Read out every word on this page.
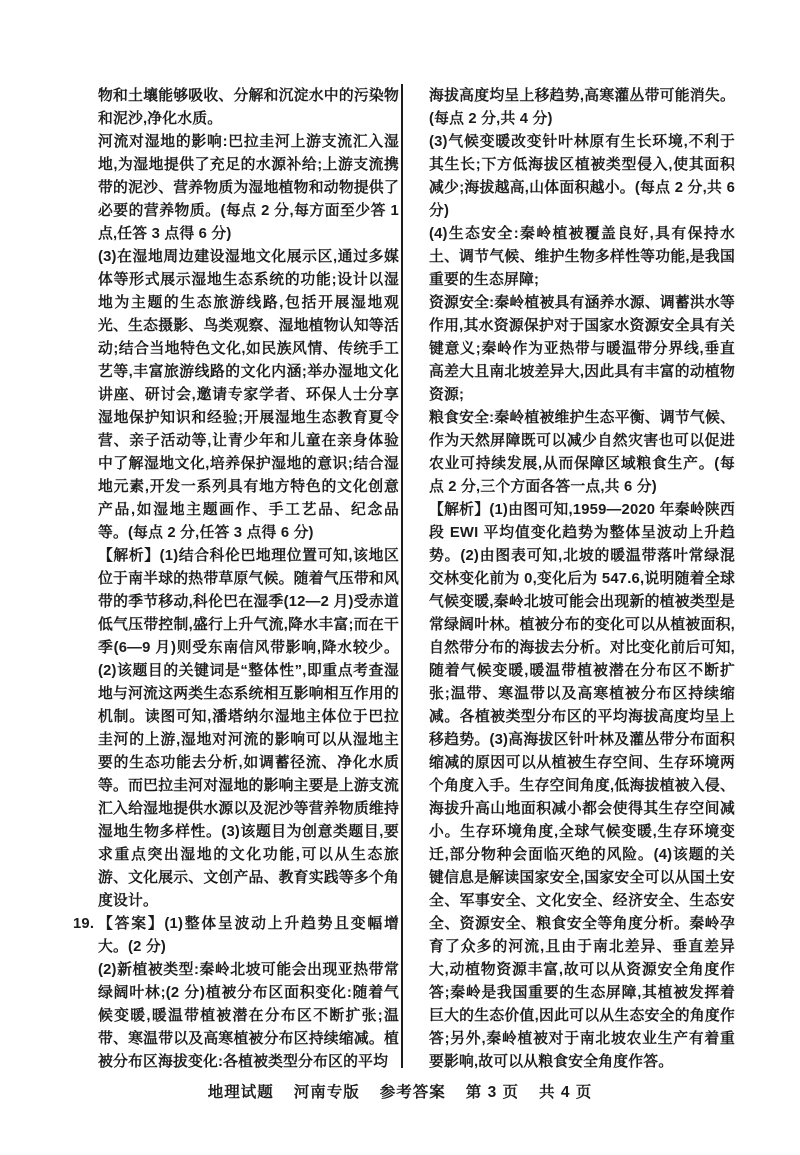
物和土壤能够吸收、分解和沉淀水中的污染物和泥沙,净化水质。

河流对湿地的影响:巴拉圭河上游支流汇入湿地,为湿地提供了充足的水源补给;上游支流携带的泥沙、营养物质为湿地植物和动物提供了必要的营养物质。(每点 2 分,每方面至少答 1 点,任答 3 点得 6 分)

(3)在湿地周边建设湿地文化展示区,通过多媒体等形式展示湿地生态系统的功能;设计以湿地为主题的生态旅游线路,包括开展湿地观光、生态摄影、鸟类观察、湿地植物认知等活动;结合当地特色文化,如民族风情、传统手工艺等,丰富旅游线路的文化内涵;举办湿地文化讲座、研讨会,邀请专家学者、环保人士分享湿地保护知识和经验;开展湿地生态教育夏令营、亲子活动等,让青少年和儿童在亲身体验中了解湿地文化,培养保护湿地的意识;结合湿地元素,开发一系列具有地方特色的文化创意产品,如湿地主题画作、手工艺品、纪念品等。(每点 2 分,任答 3 点得 6 分)

【解析】(1)结合科伦巴地理位置可知,该地区位于南半球的热带草原气候。随着气压带和风带的季节移动,科伦巴在湿季(12—2 月)受赤道低气压带控制,盛行上升气流,降水丰富;而在干季(6—9 月)则受东南信风带影响,降水较少。(2)该题目的关键词是“整体性”,即重点考查湿地与河流这两类生态系统相互影响相互作用的机制。读图可知,潘塔纳尔湿地主体位于巴拉圭河的上游,湿地对河流的影响可以从湿地主要的生态功能去分析,如调蓄径流、净化水质等。而巴拉圭河对湿地的影响主要是上游支流汇入给湿地提供水源以及泥沙等营养物质维持湿地生物多样性。(3)该题目为创意类题目,要求重点突出湿地的文化功能,可以从生态旅游、文化展示、文创产品、教育实践等多个角度设计。

19. 【答案】(1)整体呈波动上升趋势且变幅增大。(2 分)

(2)新植被类型:秦岭北坡可能会出现亚热带常绿阔叶林;(2 分)植被分布区面积变化:随着气候变暖,暖温带植被潜在分布区不断扩张;温带、寒温带以及高寒植被分布区持续缩减。植被分布区海拔变化:各植被类型分布区的平均

海拔高度均呈上移趋势,高寒灌丛带可能消失。(每点 2 分,共 4 分)

(3)气候变暖改变针叶林原有生长环境,不利于其生长;下方低海拔区植被类型侵入,使其面积减少;海拔越高,山体面积越小。(每点 2 分,共 6 分)

(4)生态安全:秦岭植被覆盖良好,具有保持水土、调节气候、维护生物多样性等功能,是我国重要的生态屏障;

资源安全:秦岭植被具有涵养水源、调蓄洪水等作用,其水资源保护对于国家水资源安全具有关键意义;秦岭作为亚热带与暖温带分界线,垂直高差大且南北坡差异大,因此具有丰富的动植物资源;

粮食安全:秦岭植被维护生态平衡、调节气候、作为天然屏障既可以减少自然灾害也可以促进农业可持续发展,从而保障区域粮食生产。(每点 2 分,三个方面各答一点,共 6 分)

【解析】(1)由图可知,1959—2020 年秦岭陕西段 EWI 平均值变化趋势为整体呈波动上升趋势。(2)由图表可知,北坡的暖温带落叶常绿混交林变化前为 0,变化后为 547.6,说明随着全球气候变暖,秦岭北坡可能会出现新的植被类型是常绿阔叶林。植被分布的变化可以从植被面积,自然带分布的海拔去分析。对比变化前后可知,随着气候变暖,暖温带植被潜在分布区不断扩张;温带、寒温带以及高寒植被分布区持续缩减。各植被类型分布区的平均海拔高度均呈上移趋势。(3)高海拔区针叶林及灌丛带分布面积缩减的原因可以从植被生存空间、生存环境两个角度入手。生存空间角度,低海拔植被入侵、海拔升高山地面积减小都会使得其生存空间减小。生存环境角度,全球气候变暖,生存环境变迁,部分物种会面临灭绝的风险。(4)该题的关键信息是解读国家安全,国家安全可以从国土安全、军事安全、文化安全、经济安全、生态安全、资源安全、粮食安全等角度分析。秦岭孕育了众多的河流,且由于南北差异、垂直差异大,动植物资源丰富,故可以从资源安全角度作答;秦岭是我国重要的生态屏障,其植被发挥着巨大的生态价值,因此可以从生态安全的角度作答;另外,秦岭植被对于南北坡农业生产有着重要影响,故可以从粮食安全角度作答。

地理试题 河南专版 参考答案 第 3 页 共 4 页
